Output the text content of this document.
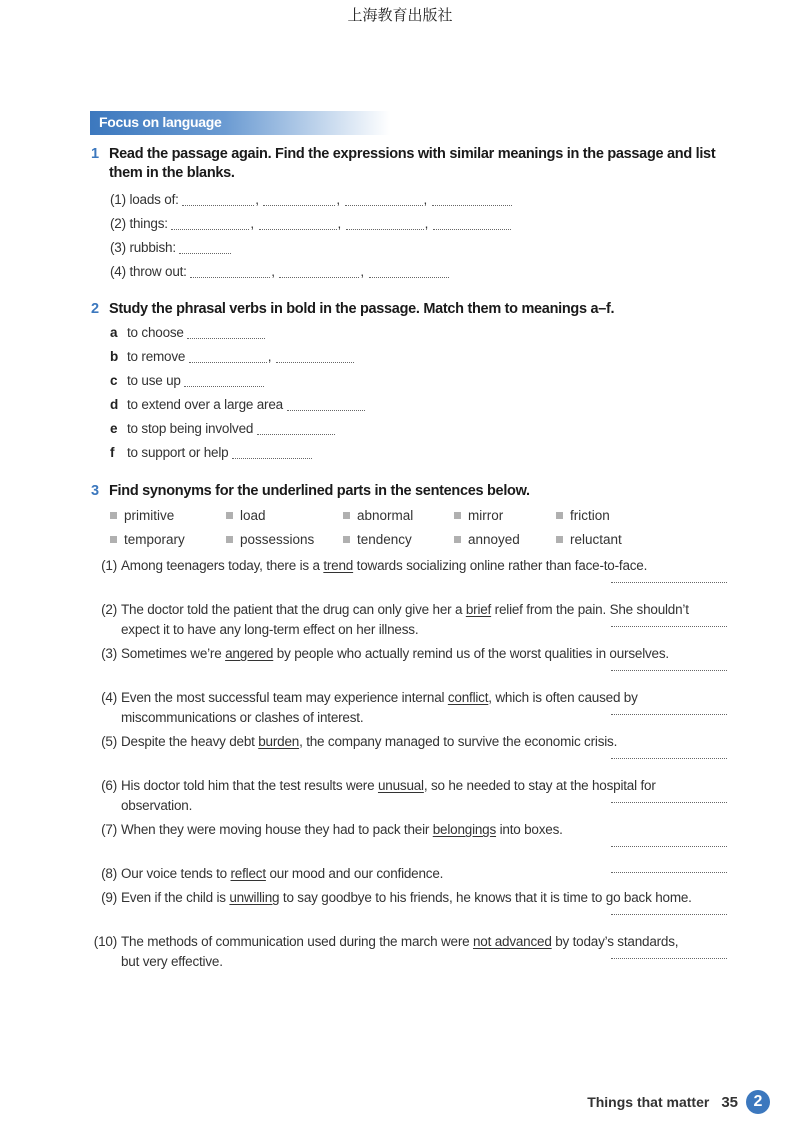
上海教育出版社
Focus on language
1 Read the passage again. Find the expressions with similar meanings in the passage and list them in the blanks.
(1) loads of:	,	,	,
(2) things:	,	,	,
(3) rubbish:
(4) throw out:	,	,
2 Study the phrasal verbs in bold in the passage. Match them to meanings a–f.
a to choose
b to remove	,
c to use up
d to extend over a large area
e to stop being involved
f to support or help
3 Find synonyms for the underlined parts in the sentences below.
primitive	load	abnormal	mirror	friction
temporary	possessions	tendency	annoyed	reluctant
(1) Among teenagers today, there is a trend towards socializing online rather than face-to-face.
(2) The doctor told the patient that the drug can only give her a brief relief from the pain. She shouldn’t expect it to have any long-term effect on her illness.
(3) Sometimes we’re angered by people who actually remind us of the worst qualities in ourselves.
(4) Even the most successful team may experience internal conflict, which is often caused by miscommunications or clashes of interest.
(5) Despite the heavy debt burden, the company managed to survive the economic crisis.
(6) His doctor told him that the test results were unusual, so he needed to stay at the hospital for observation.
(7) When they were moving house they had to pack their belongings into boxes.
(8) Our voice tends to reflect our mood and our confidence.
(9) Even if the child is unwilling to say goodbye to his friends, he knows that it is time to go back home.
(10) The methods of communication used during the march were not advanced by today’s standards, but very effective.
Things that matter 35 2
